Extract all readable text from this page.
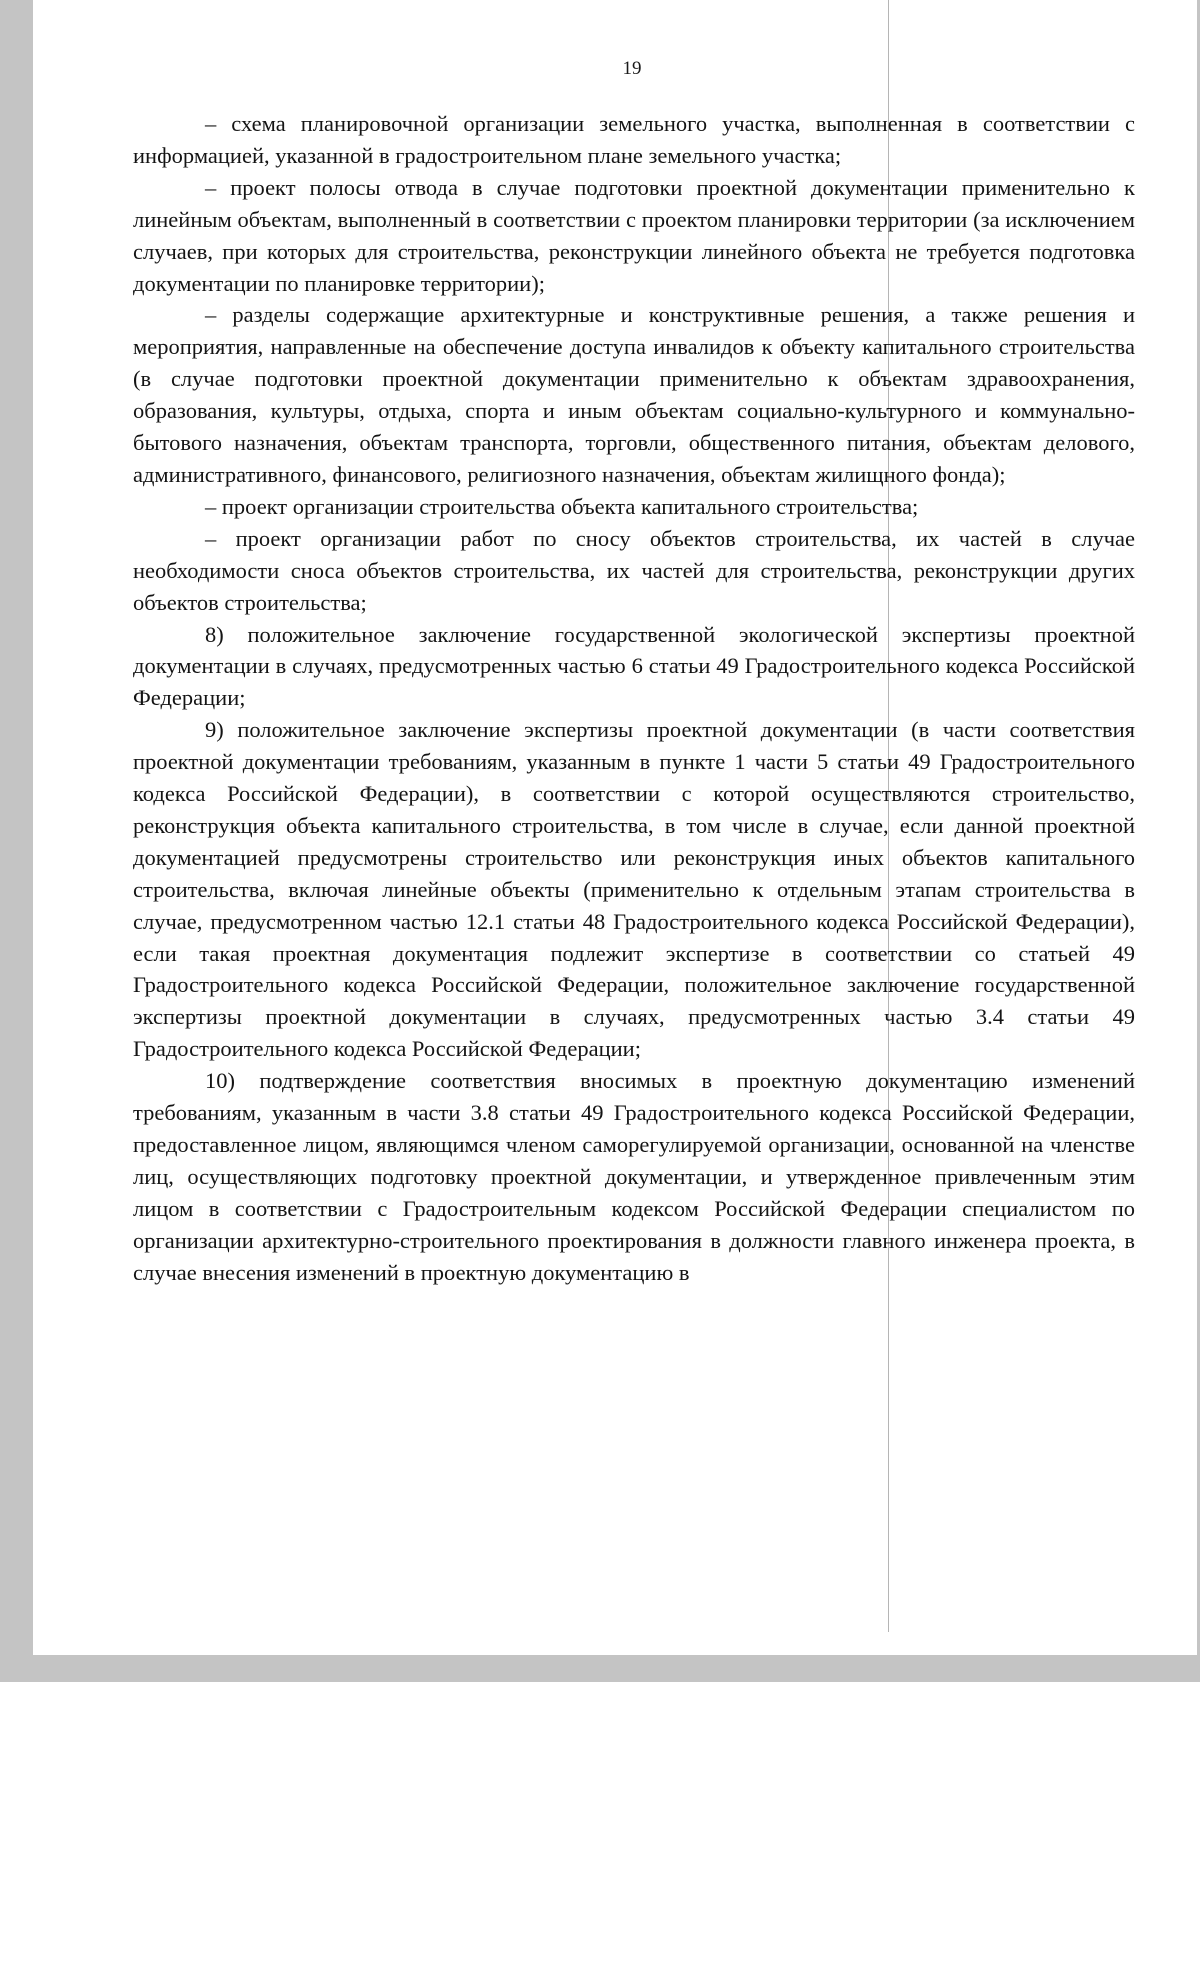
19

– схема планировочной организации земельного участка, выполненная в соответствии с информацией, указанной в градостроительном плане земельного участка;

– проект полосы отвода в случае подготовки проектной документации применительно к линейным объектам, выполненный в соответствии с проектом планировки территории (за исключением случаев, при которых для строительства, реконструкции линейного объекта не требуется подготовка документации по планировке территории);

– разделы содержащие архитектурные и конструктивные решения, а также решения и мероприятия, направленные на обеспечение доступа инвалидов к объекту капитального строительства (в случае подготовки проектной документации применительно к объектам здравоохранения, образования, культуры, отдыха, спорта и иным объектам социально-культурного и коммунально-бытового назначения, объектам транспорта, торговли, общественного питания, объектам делового, административного, финансового, религиозного назначения, объектам жилищного фонда);

– проект организации строительства объекта капитального строительства;

– проект организации работ по сносу объектов строительства, их частей в случае необходимости сноса объектов строительства, их частей для строительства, реконструкции других объектов строительства;

8) положительное заключение государственной экологической экспертизы проектной документации в случаях, предусмотренных частью 6 статьи 49 Градостроительного кодекса Российской Федерации;

9) положительное заключение экспертизы проектной документации (в части соответствия проектной документации требованиям, указанным в пункте 1 части 5 статьи 49 Градостроительного кодекса Российской Федерации), в соответствии с которой осуществляются строительство, реконструкция объекта капитального строительства, в том числе в случае, если данной проектной документацией предусмотрены строительство или реконструкция иных объектов капитального строительства, включая линейные объекты (применительно к отдельным этапам строительства в случае, предусмотренном частью 12.1 статьи 48 Градостроительного кодекса Российской Федерации), если такая проектная документация подлежит экспертизе в соответствии со статьей 49 Градостроительного кодекса Российской Федерации, положительное заключение государственной экспертизы проектной документации в случаях, предусмотренных частью 3.4 статьи 49 Градостроительного кодекса Российской Федерации;

10) подтверждение соответствия вносимых в проектную документацию изменений требованиям, указанным в части 3.8 статьи 49 Градостроительного кодекса Российской Федерации, предоставленное лицом, являющимся членом саморегулируемой организации, основанной на членстве лиц, осуществляющих подготовку проектной документации, и утвержденное привлеченным этим лицом в соответствии с Градостроительным кодексом Российской Федерации специалистом по организации архитектурно-строительного проектирования в должности главного инженера проекта, в случае внесения изменений в проектную документацию в
